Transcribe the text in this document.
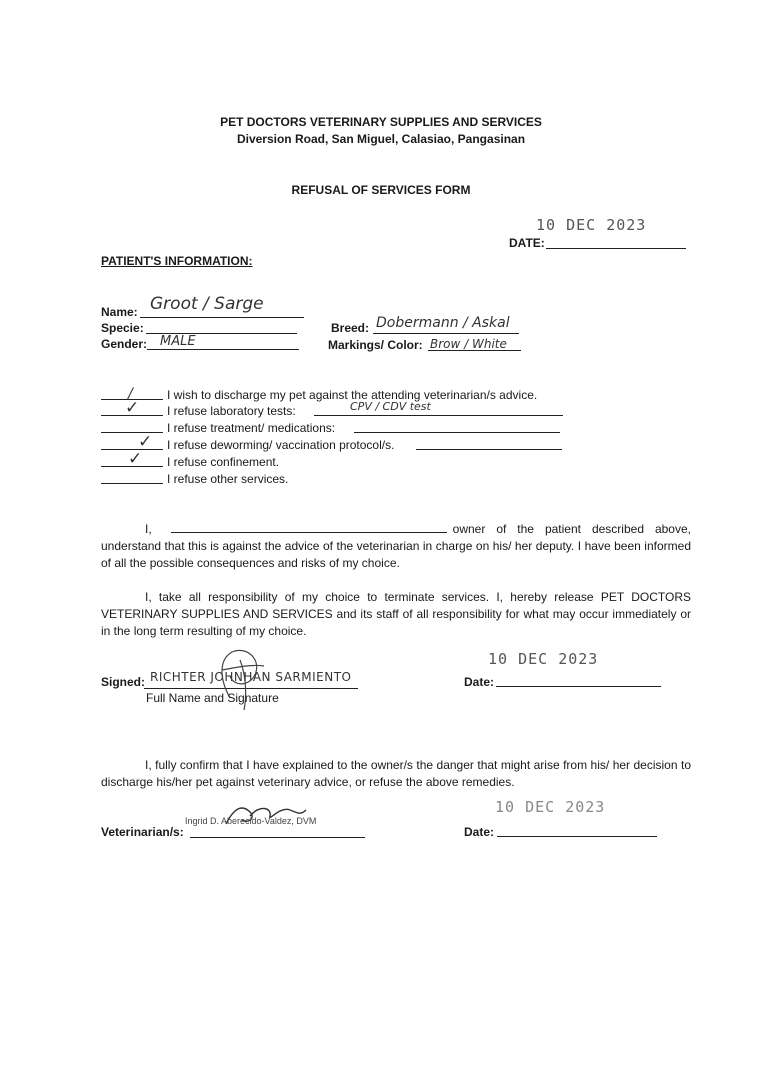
PET DOCTORS VETERINARY SUPPLIES AND SERVICES
Diversion Road, San Miguel, Calasiao, Pangasinan
REFUSAL OF SERVICES FORM
10 DEC 2023
DATE:
PATIENT'S INFORMATION:
Name: Groot / Sarge
Specie:
Gender: MALE
Breed: Dobermann / Askal
Markings/ Color: Brow / White
/	I wish to discharge my pet against the attending veterinarian/s advice.
✓ I refuse laboratory tests:	CPV / CDV test
I refuse treatment/ medications:
✓ I refuse deworming/ vaccination protocol/s.
✓ I refuse confinement.
I refuse other services.
I,	owner of the patient described above, understand that this is against the advice of the veterinarian in charge on his/ her deputy. I have been informed of all the possible consequences and risks of my choice.
I, take all responsibility of my choice to terminate services. I, hereby release PET DOCTORS VETERINARY SUPPLIES AND SERVICES and its staff of all responsibility for what may occur immediately or in the long term resulting of my choice.
Signed: RICHTER JOHNHAN SARMIENTO
Full Name and Signature
10 DEC 2023
Date:
I, fully confirm that I have explained to the owner/s the danger that might arise from his/ her decision to discharge his/her pet against veterinary advice, or refuse the above remedies.
Veterinarian/s:
Ingrid D. Aberecido-Valdez, DVM
10 DEC 2023
Date:
